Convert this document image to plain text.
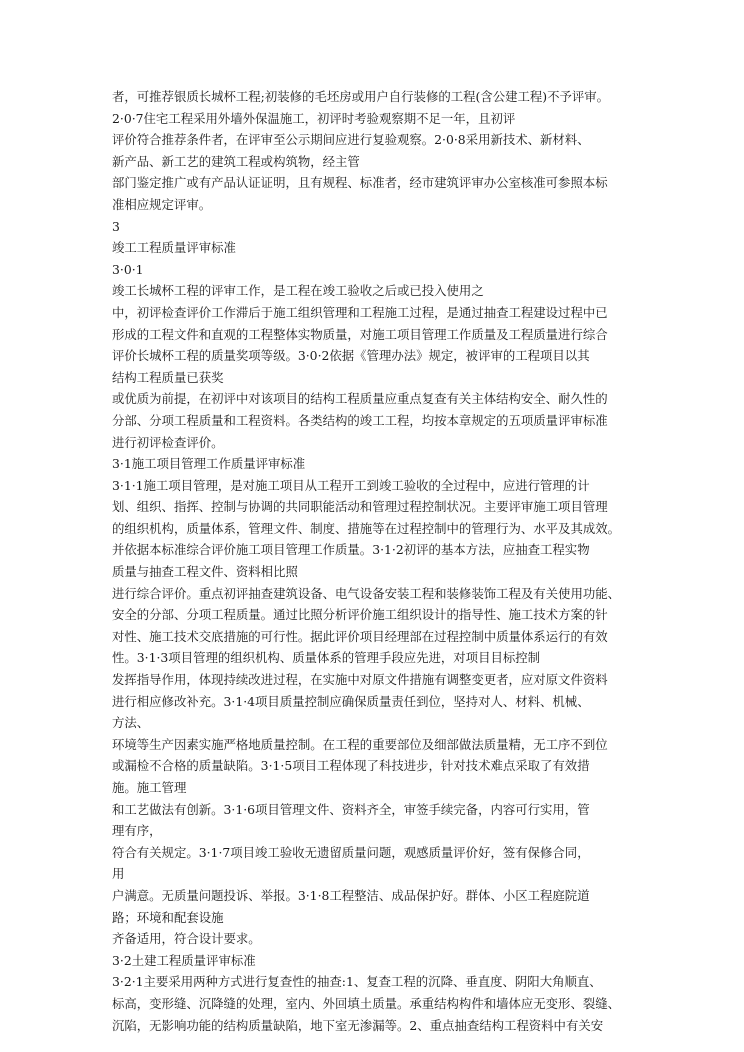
者，可推荐银质长城杯工程;初装修的毛坯房或用户自行装修的工程(含公建工程)不予评审。
2·0·7住宅工程采用外墙外保温施工，初评时考验观察期不足一年，且初评
评价符合推荐条件者，在评审至公示期间应进行复验观察。2·0·8采用新技术、新材料、
新产品、新工艺的建筑工程或构筑物，经主管
部门鉴定推广或有产品认证证明，且有规程、标准者，经市建筑评审办公室核准可参照本标
准相应规定评审。
3
竣工工程质量评审标准
3·0·1
竣工长城杯工程的评审工作，是工程在竣工验收之后或已投入使用之
中，初评检查评价工作滞后于施工组织管理和工程施工过程，是通过抽查工程建设过程中已
形成的工程文件和直观的工程整体实物质量，对施工项目管理工作质量及工程质量进行综合
评价长城杯工程的质量奖项等级。3·0·2依据《管理办法》规定，被评审的工程项目以其
结构工程质量已获奖
或优质为前提，在初评中对该项目的结构工程质量应重点复查有关主体结构安全、耐久性的
分部、分项工程质量和工程资料。各类结构的竣工工程，均按本章规定的五项质量评审标准
进行初评检查评价。
3·1施工项目管理工作质量评审标准
3·1·1施工项目管理，是对施工项目从工程开工到竣工验收的全过程中，应进行管理的计
划、组织、指挥、控制与协调的共同职能活动和管理过程控制状况。主要评审施工项目管理
的组织机构，质量体系，管理文件、制度、措施等在过程控制中的管理行为、水平及其成效。
并依据本标准综合评价施工项目管理工作质量。3·1·2初评的基本方法，应抽查工程实物
质量与抽查工程文件、资料相比照
进行综合评价。重点初评抽查建筑设备、电气设备安装工程和装修装饰工程及有关使用功能、
安全的分部、分项工程质量。通过比照分析评价施工组织设计的指导性、施工技术方案的针
对性、施工技术交底措施的可行性。据此评价项目经理部在过程控制中质量体系运行的有效
性。3·1·3项目管理的组织机构、质量体系的管理手段应先进，对项目目标控制
发挥指导作用，体现持续改进过程，在实施中对原文件措施有调整变更者，应对原文件资料
进行相应修改补充。3·1·4项目质量控制应确保质量责任到位，坚持对人、材料、机械、
方法、
环境等生产因素实施严格地质量控制。在工程的重要部位及细部做法质量精，无工序不到位
或漏检不合格的质量缺陷。3·1·5项目工程体现了科技进步，针对技术难点采取了有效措
施。施工管理
和工艺做法有创新。3·1·6项目管理文件、资料齐全，审签手续完备，内容可行实用，管
理有序，
符合有关规定。3·1·7项目竣工验收无遗留质量问题，观感质量评价好，签有保修合同，
用
户满意。无质量问题投诉、举报。3·1·8工程整洁、成品保护好。群体、小区工程庭院道
路；环境和配套设施
齐备适用，符合设计要求。
3·2土建工程质量评审标准
3·2·1主要采用两种方式进行复查性的抽查:1、复查工程的沉降、垂直度、阴阳大角顺直、
标高，变形缝、沉降缝的处理，室内、外回填土质量。承重结构构件和墙体应无变形、裂缝、
沉陷，无影响功能的结构质量缺陷，地下室无渗漏等。2、重点抽查结构工程资料中有关安
